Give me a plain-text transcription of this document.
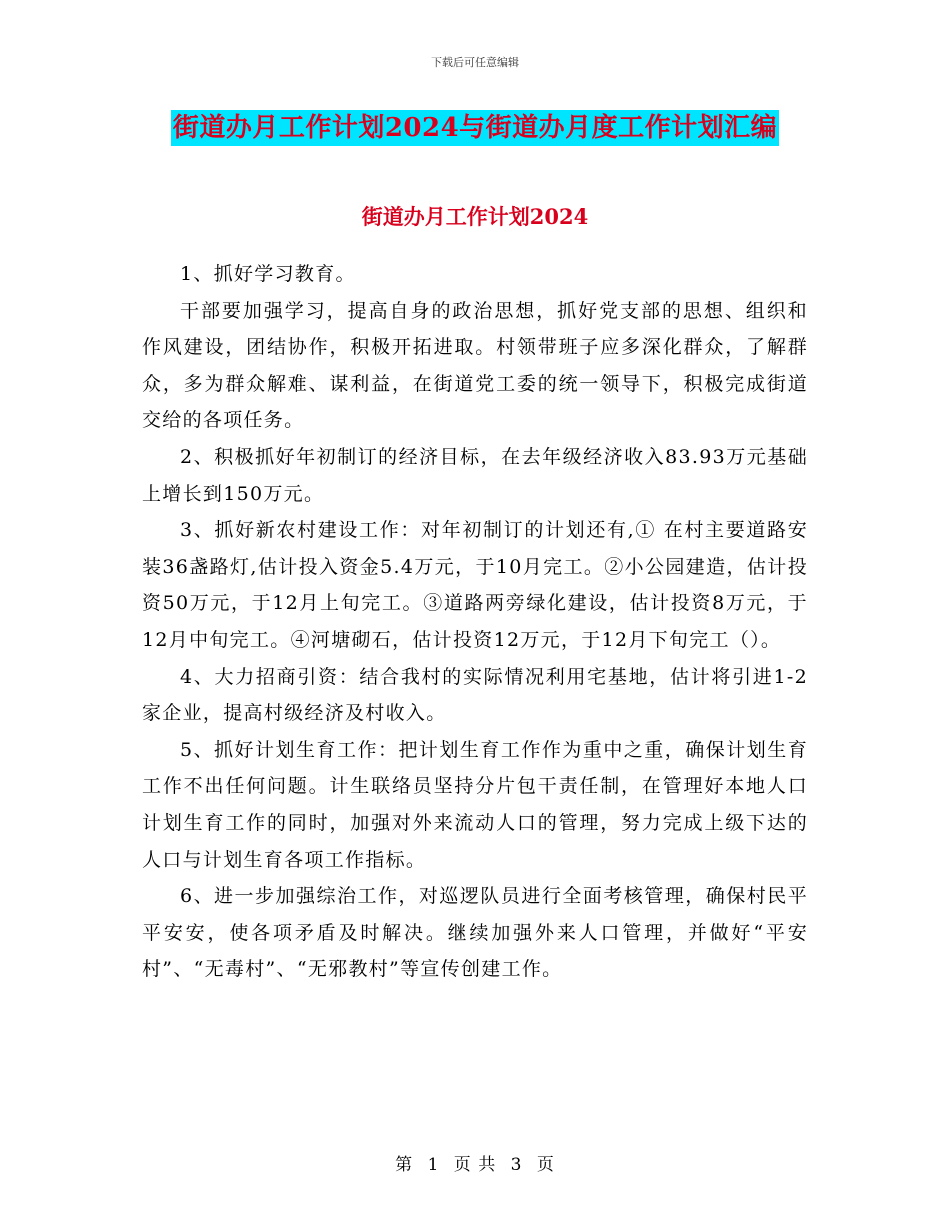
下载后可任意编辑
街道办月工作计划2024与街道办月度工作计划汇编
街道办月工作计划2024

1、抓好学习教育。

干部要加强学习，提高自身的政治思想，抓好党支部的思想、组织和作风建设，团结协作，积极开拓进取。村领带班子应多深化群众，了解群众，多为群众解难、谋利益，在街道党工委的统一领导下，积极完成街道交给的各项任务。

2、积极抓好年初制订的经济目标，在去年级经济收入83.93万元基础上增长到150万元。

3、抓好新农村建设工作：对年初制订的计划还有,① 在村主要道路安装36盏路灯,估计投入资金5.4万元，于10月完工。②小公园建造，估计投资50万元，于12月上旬完工。③道路两旁绿化建设，估计投资8万元，于12月中旬完工。④河塘砌石，估计投资12万元，于12月下旬完工（）。

4、大力招商引资：结合我村的实际情况利用宅基地，估计将引进1-2家企业，提高村级经济及村收入。

5、抓好计划生育工作：把计划生育工作作为重中之重，确保计划生育工作不出任何问题。计生联络员坚持分片包干责任制，在管理好本地人口计划生育工作的同时，加强对外来流动人口的管理，努力完成上级下达的人口与计划生育各项工作指标。

6、进一步加强综治工作，对巡逻队员进行全面考核管理，确保村民平平安安，使各项矛盾及时解决。继续加强外来人口管理，并做好“平安村”、“无毒村”、“无邪教村”等宣传创建工作。

第 1 页 共 3 页
